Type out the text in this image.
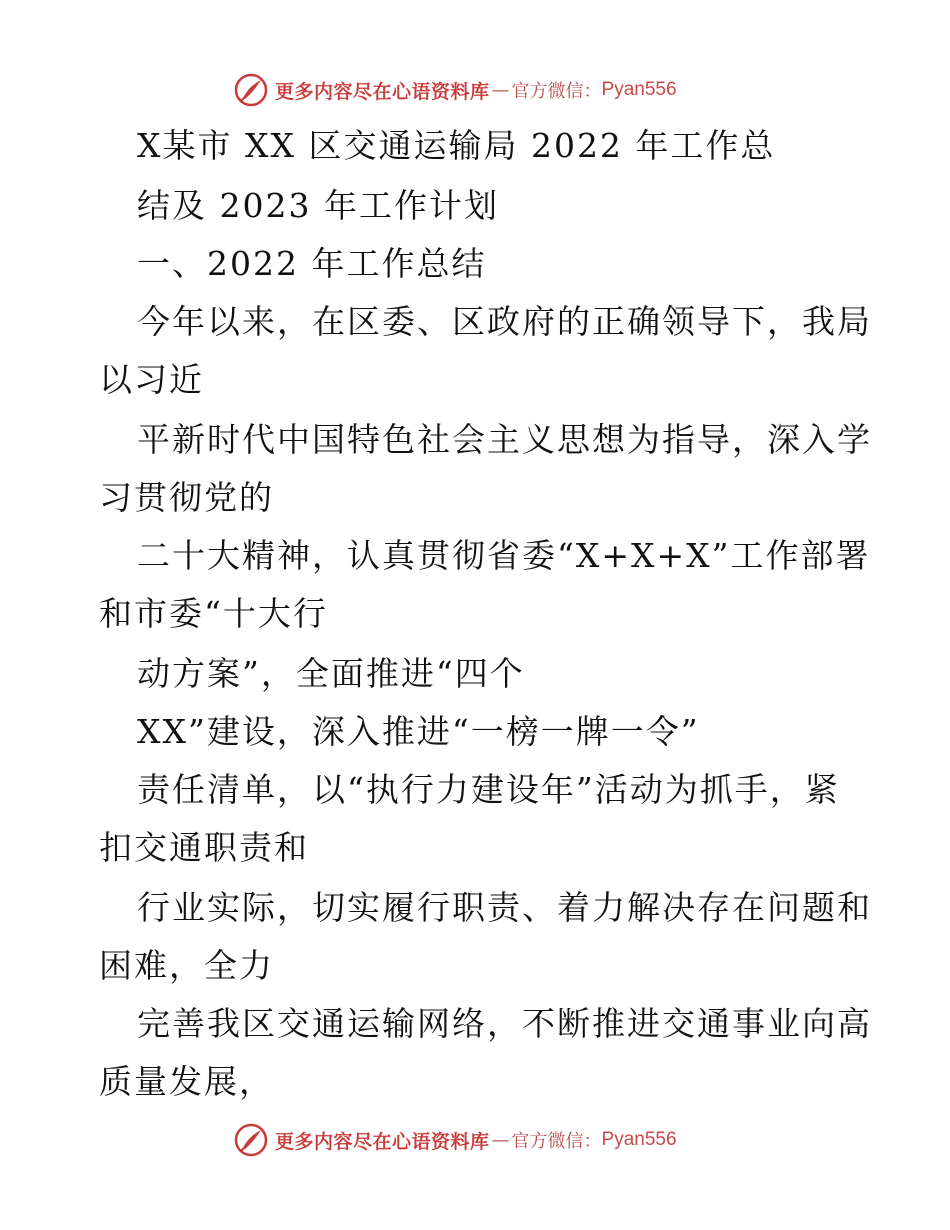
更多内容尽在心语资料库 — 官方微信： Pyan556
X某市 XX 区交通运输局 2022 年工作总
结及 2023 年工作计划
一、2022 年工作总结
今年以来，在区委、区政府的正确领导下，我局
以习近
平新时代中国特色社会主义思想为指导，深入学
习贯彻党的
二十大精神，认真贯彻省委“X+X+X”工作部署
和市委“十大行
动方案”，全面推进“四个
XX”建设，深入推进“一榜一牌一令”
责任清单，以“执行力建设年”活动为抓手，紧
扣交通职责和
行业实际，切实履行职责、着力解决存在问题和
困难，全力
完善我区交通运输网络，不断推进交通事业向高
质量发展，
更多内容尽在心语资料库 — 官方微信： Pyan556
